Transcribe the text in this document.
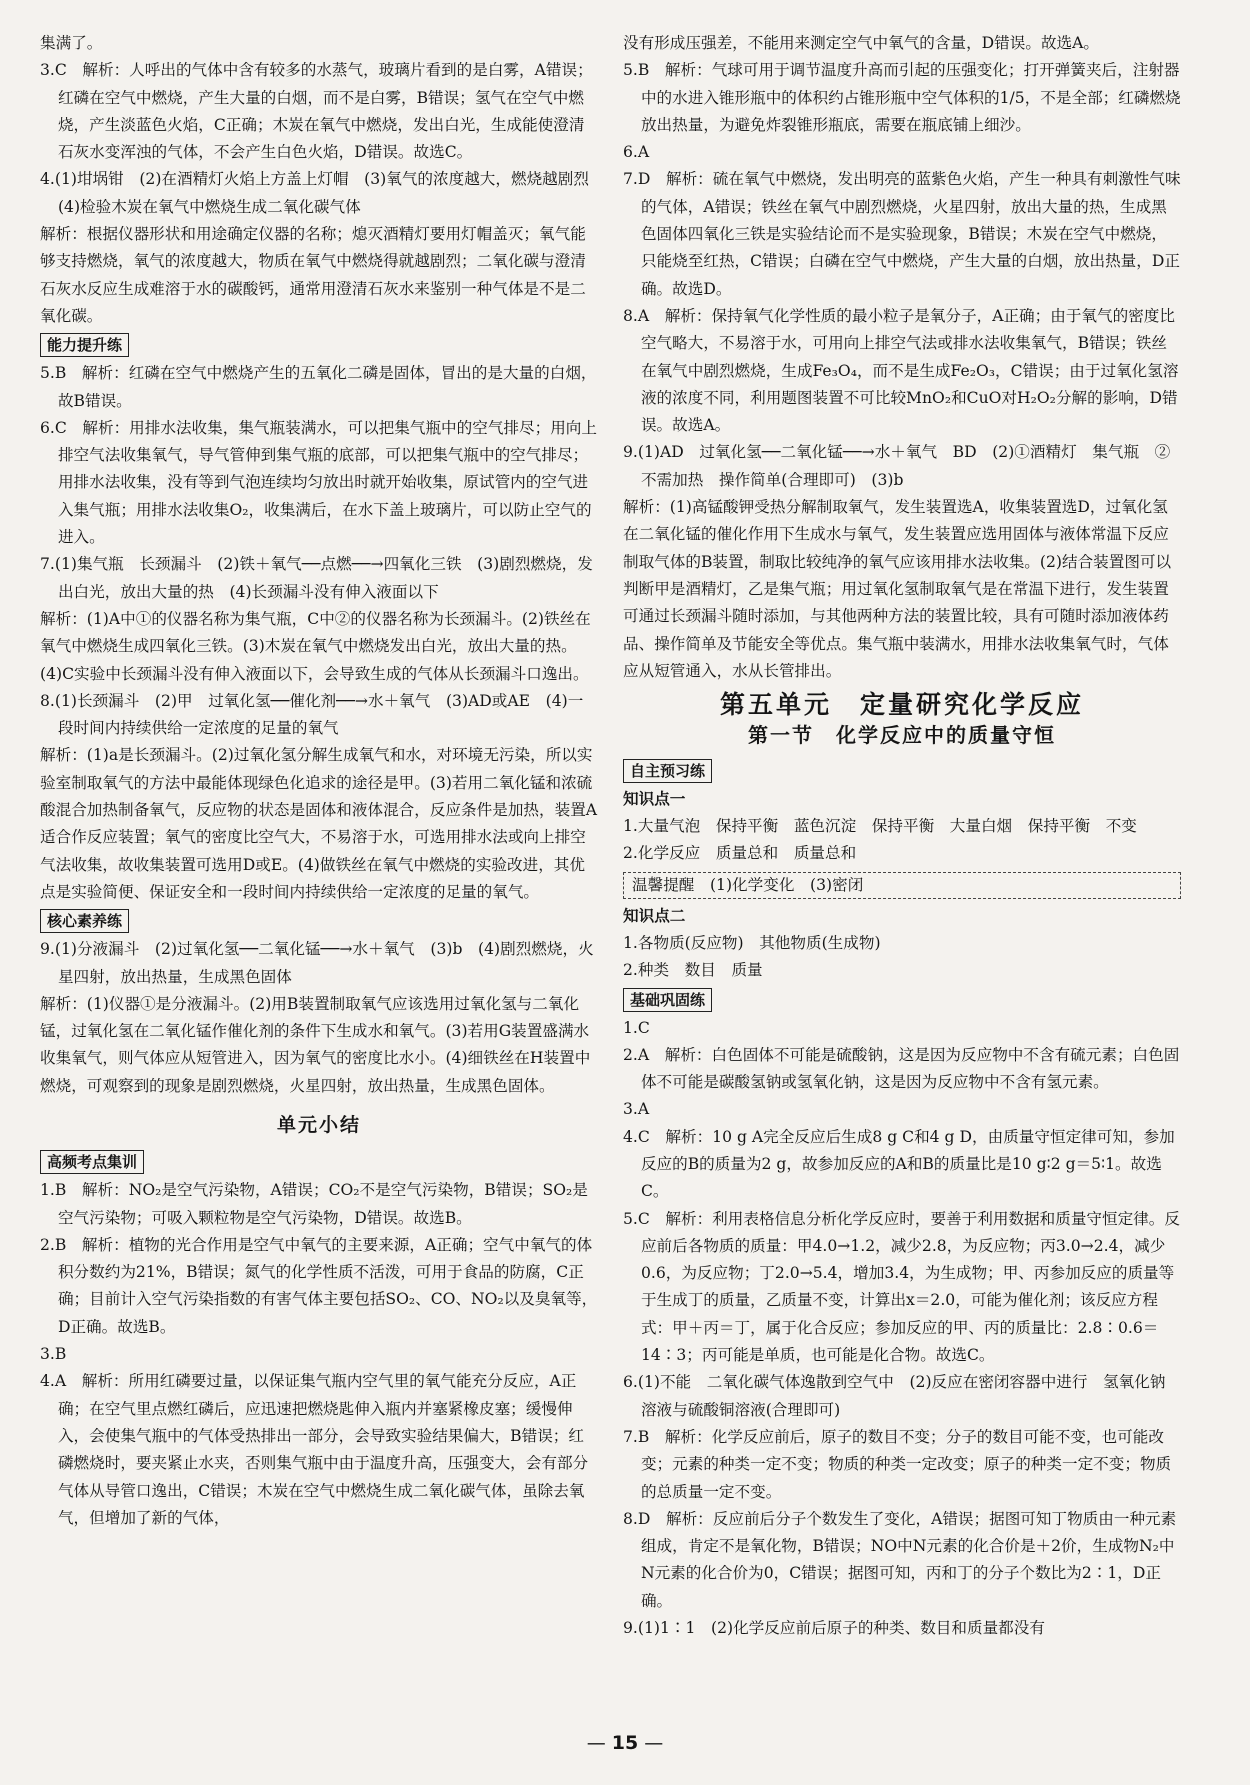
集满了。

3.C　解析：人呼出的气体中含有较多的水蒸气，玻璃片看到的是白雾，A错误；红磷在空气中燃烧，产生大量的白烟，而不是白雾，B错误；氢气在空气中燃烧，产生淡蓝色火焰，C正确；木炭在氧气中燃烧，发出白光，生成能使澄清石灰水变浑浊的气体，不会产生白色火焰，D错误。故选C。

4.(1)坩埚钳　(2)在酒精灯火焰上方盖上灯帽　(3)氧气的浓度越大，燃烧越剧烈　(4)检验木炭在氧气中燃烧生成二氧化碳气体

解析：根据仪器形状和用途确定仪器的名称；熄灭酒精灯要用灯帽盖灭；氧气能够支持燃烧，氧气的浓度越大，物质在氧气中燃烧得就越剧烈；二氧化碳与澄清石灰水反应生成难溶于水的碳酸钙，通常用澄清石灰水来鉴别一种气体是不是二氧化碳。

能力提升练

5.B　解析：红磷在空气中燃烧产生的五氧化二磷是固体，冒出的是大量的白烟，故B错误。

6.C　解析：用排水法收集，集气瓶装满水，可以把集气瓶中的空气排尽；用向上排空气法收集氧气，导气管伸到集气瓶的底部，可以把集气瓶中的空气排尽；用排水法收集，没有等到气泡连续均匀放出时就开始收集，原试管内的空气进入集气瓶；用排水法收集O₂，收集满后，在水下盖上玻璃片，可以防止空气的进入。

7.(1)集气瓶　长颈漏斗　(2)铁＋氧气──点燃──→四氧化三铁　(3)剧烈燃烧，发出白光，放出大量的热　(4)长颈漏斗没有伸入液面以下

解析：(1)A中①的仪器名称为集气瓶，C中②的仪器名称为长颈漏斗。(2)铁丝在氧气中燃烧生成四氧化三铁。(3)木炭在氧气中燃烧发出白光，放出大量的热。(4)C实验中长颈漏斗没有伸入液面以下，会导致生成的气体从长颈漏斗口逸出。

8.(1)长颈漏斗　(2)甲　过氧化氢──催化剂──→水＋氧气　(3)AD或AE　(4)一段时间内持续供给一定浓度的足量的氧气

解析：(1)a是长颈漏斗。(2)过氧化氢分解生成氧气和水，对环境无污染，所以实验室制取氧气的方法中最能体现绿色化追求的途径是甲。(3)若用二氧化锰和浓硫酸混合加热制备氧气，反应物的状态是固体和液体混合，反应条件是加热，装置A适合作反应装置；氧气的密度比空气大，不易溶于水，可选用排水法或向上排空气法收集，故收集装置可选用D或E。(4)做铁丝在氧气中燃烧的实验改进，其优点是实验简便、保证安全和一段时间内持续供给一定浓度的足量的氧气。

核心素养练

9.(1)分液漏斗　(2)过氧化氢──二氧化锰──→水＋氧气　(3)b　(4)剧烈燃烧，火星四射，放出热量，生成黑色固体

解析：(1)仪器①是分液漏斗。(2)用B装置制取氧气应该选用过氧化氢与二氧化锰，过氧化氢在二氧化锰作催化剂的条件下生成水和氧气。(3)若用G装置盛满水收集氧气，则气体应从短管进入，因为氧气的密度比水小。(4)细铁丝在H装置中燃烧，可观察到的现象是剧烈燃烧，火星四射，放出热量，生成黑色固体。

单元小结
高频考点集训

1.B　解析：NO₂是空气污染物，A错误；CO₂不是空气污染物，B错误；SO₂是空气污染物；可吸入颗粒物是空气污染物，D错误。故选B。

2.B　解析：植物的光合作用是空气中氧气的主要来源，A正确；空气中氧气的体积分数约为21%，B错误；氮气的化学性质不活泼，可用于食品的防腐，C正确；目前计入空气污染指数的有害气体主要包括SO₂、CO、NO₂以及臭氧等，D正确。故选B。

3.B

4.A　解析：所用红磷要过量，以保证集气瓶内空气里的氧气能充分反应，A正确；在空气里点燃红磷后，应迅速把燃烧匙伸入瓶内并塞紧橡皮塞；缓慢伸入，会使集气瓶中的气体受热排出一部分，会导致实验结果偏大，B错误；红磷燃烧时，要夹紧止水夹，否则集气瓶中由于温度升高，压强变大，会有部分气体从导管口逸出，C错误；木炭在空气中燃烧生成二氧化碳气体，虽除去氧气，但增加了新的气体，

没有形成压强差，不能用来测定空气中氧气的含量，D错误。故选A。

5.B　解析：气球可用于调节温度升高而引起的压强变化；打开弹簧夹后，注射器中的水进入锥形瓶中的体积约占锥形瓶中空气体积的1/5，不是全部；红磷燃烧放出热量，为避免炸裂锥形瓶底，需要在瓶底铺上细沙。

6.A

7.D　解析：硫在氧气中燃烧，发出明亮的蓝紫色火焰，产生一种具有刺激性气味的气体，A错误；铁丝在氧气中剧烈燃烧，火星四射，放出大量的热，生成黑色固体四氧化三铁是实验结论而不是实验现象，B错误；木炭在空气中燃烧，只能烧至红热，C错误；白磷在空气中燃烧，产生大量的白烟，放出热量，D正确。故选D。

8.A　解析：保持氧气化学性质的最小粒子是氧分子，A正确；由于氧气的密度比空气略大，不易溶于水，可用向上排空气法或排水法收集氧气，B错误；铁丝在氧气中剧烈燃烧，生成Fe₃O₄，而不是生成Fe₂O₃，C错误；由于过氧化氢溶液的浓度不同，利用题图装置不可比较MnO₂和CuO对H₂O₂分解的影响，D错误。故选A。

9.(1)AD　过氧化氢──二氧化锰──→水＋氧气　BD　(2)①酒精灯　集气瓶　②不需加热　操作简单(合理即可)　(3)b

解析：(1)高锰酸钾受热分解制取氧气，发生装置选A，收集装置选D，过氧化氢在二氧化锰的催化作用下生成水与氧气，发生装置应选用固体与液体常温下反应制取气体的B装置，制取比较纯净的氧气应该用排水法收集。(2)结合装置图可以判断甲是酒精灯，乙是集气瓶；用过氧化氢制取氧气是在常温下进行，发生装置可通过长颈漏斗随时添加，与其他两种方法的装置比较，具有可随时添加液体药品、操作简单及节能安全等优点。集气瓶中装满水，用排水法收集氧气时，气体应从短管通入，水从长管排出。

第五单元　定量研究化学反应
第一节　化学反应中的质量守恒
自主预习练

知识点一

1.大量气泡　保持平衡　蓝色沉淀　保持平衡　大量白烟　保持平衡　不变

2.化学反应　质量总和　质量总和

温馨提醒　(1)化学变化　(3)密闭

知识点二

1.各物质(反应物)　其他物质(生成物)

2.种类　数目　质量

基础巩固练

1.C

2.A　解析：白色固体不可能是硫酸钠，这是因为反应物中不含有硫元素；白色固体不可能是碳酸氢钠或氢氧化钠，这是因为反应物中不含有氢元素。

3.A

4.C　解析：10 g A完全反应后生成8 g C和4 g D，由质量守恒定律可知，参加反应的B的质量为2 g，故参加反应的A和B的质量比是10 g∶2 g＝5∶1。故选C。

5.C　解析：利用表格信息分析化学反应时，要善于利用数据和质量守恒定律。反应前后各物质的质量：甲4.0→1.2，减少2.8，为反应物；丙3.0→2.4，减少0.6，为反应物；丁2.0→5.4，增加3.4，为生成物；甲、丙参加反应的质量等于生成丁的质量，乙质量不变，计算出x＝2.0，可能为催化剂；该反应方程式：甲＋丙＝丁，属于化合反应；参加反应的甲、丙的质量比：2.8∶0.6＝14∶3；丙可能是单质，也可能是化合物。故选C。

6.(1)不能　二氧化碳气体逸散到空气中　(2)反应在密闭容器中进行　氢氧化钠溶液与硫酸铜溶液(合理即可)

7.B　解析：化学反应前后，原子的数目不变；分子的数目可能不变，也可能改变；元素的种类一定不变；物质的种类一定改变；原子的种类一定不变；物质的总质量一定不变。

8.D　解析：反应前后分子个数发生了变化，A错误；据图可知丁物质由一种元素组成，肯定不是氧化物，B错误；NO中N元素的化合价是＋2价，生成物N₂中N元素的化合价为0，C错误；据图可知，丙和丁的分子个数比为2∶1，D正确。

9.(1)1∶1　(2)化学反应前后原子的种类、数目和质量都没有

— 15 —
